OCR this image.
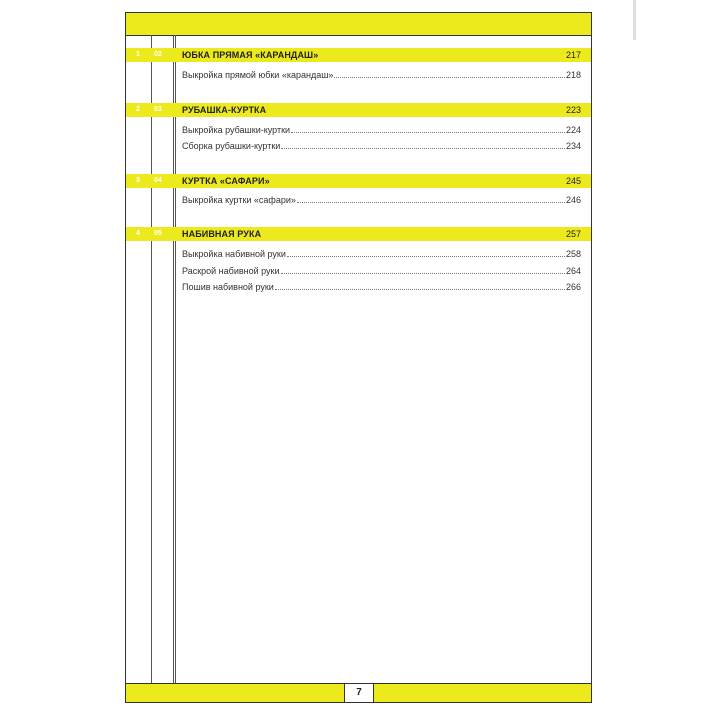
1 02 ЮБКА ПРЯМАЯ «КАРАНДАШ»	217
Выкройка прямой юбки «карандаш»	218
2 03 РУБАШКА-КУРТКА	223
Выкройка рубашки-куртки	224
Сборка рубашки-куртки	234
3 04 КУРТКА «САФАРИ»	245
Выкройка куртки «сафари»	246
4 05 НАБИВНАЯ РУКА	257
Выкройка набивной руки	258
Раскрой набивной руки	264
Пошив набивной руки	266
7
